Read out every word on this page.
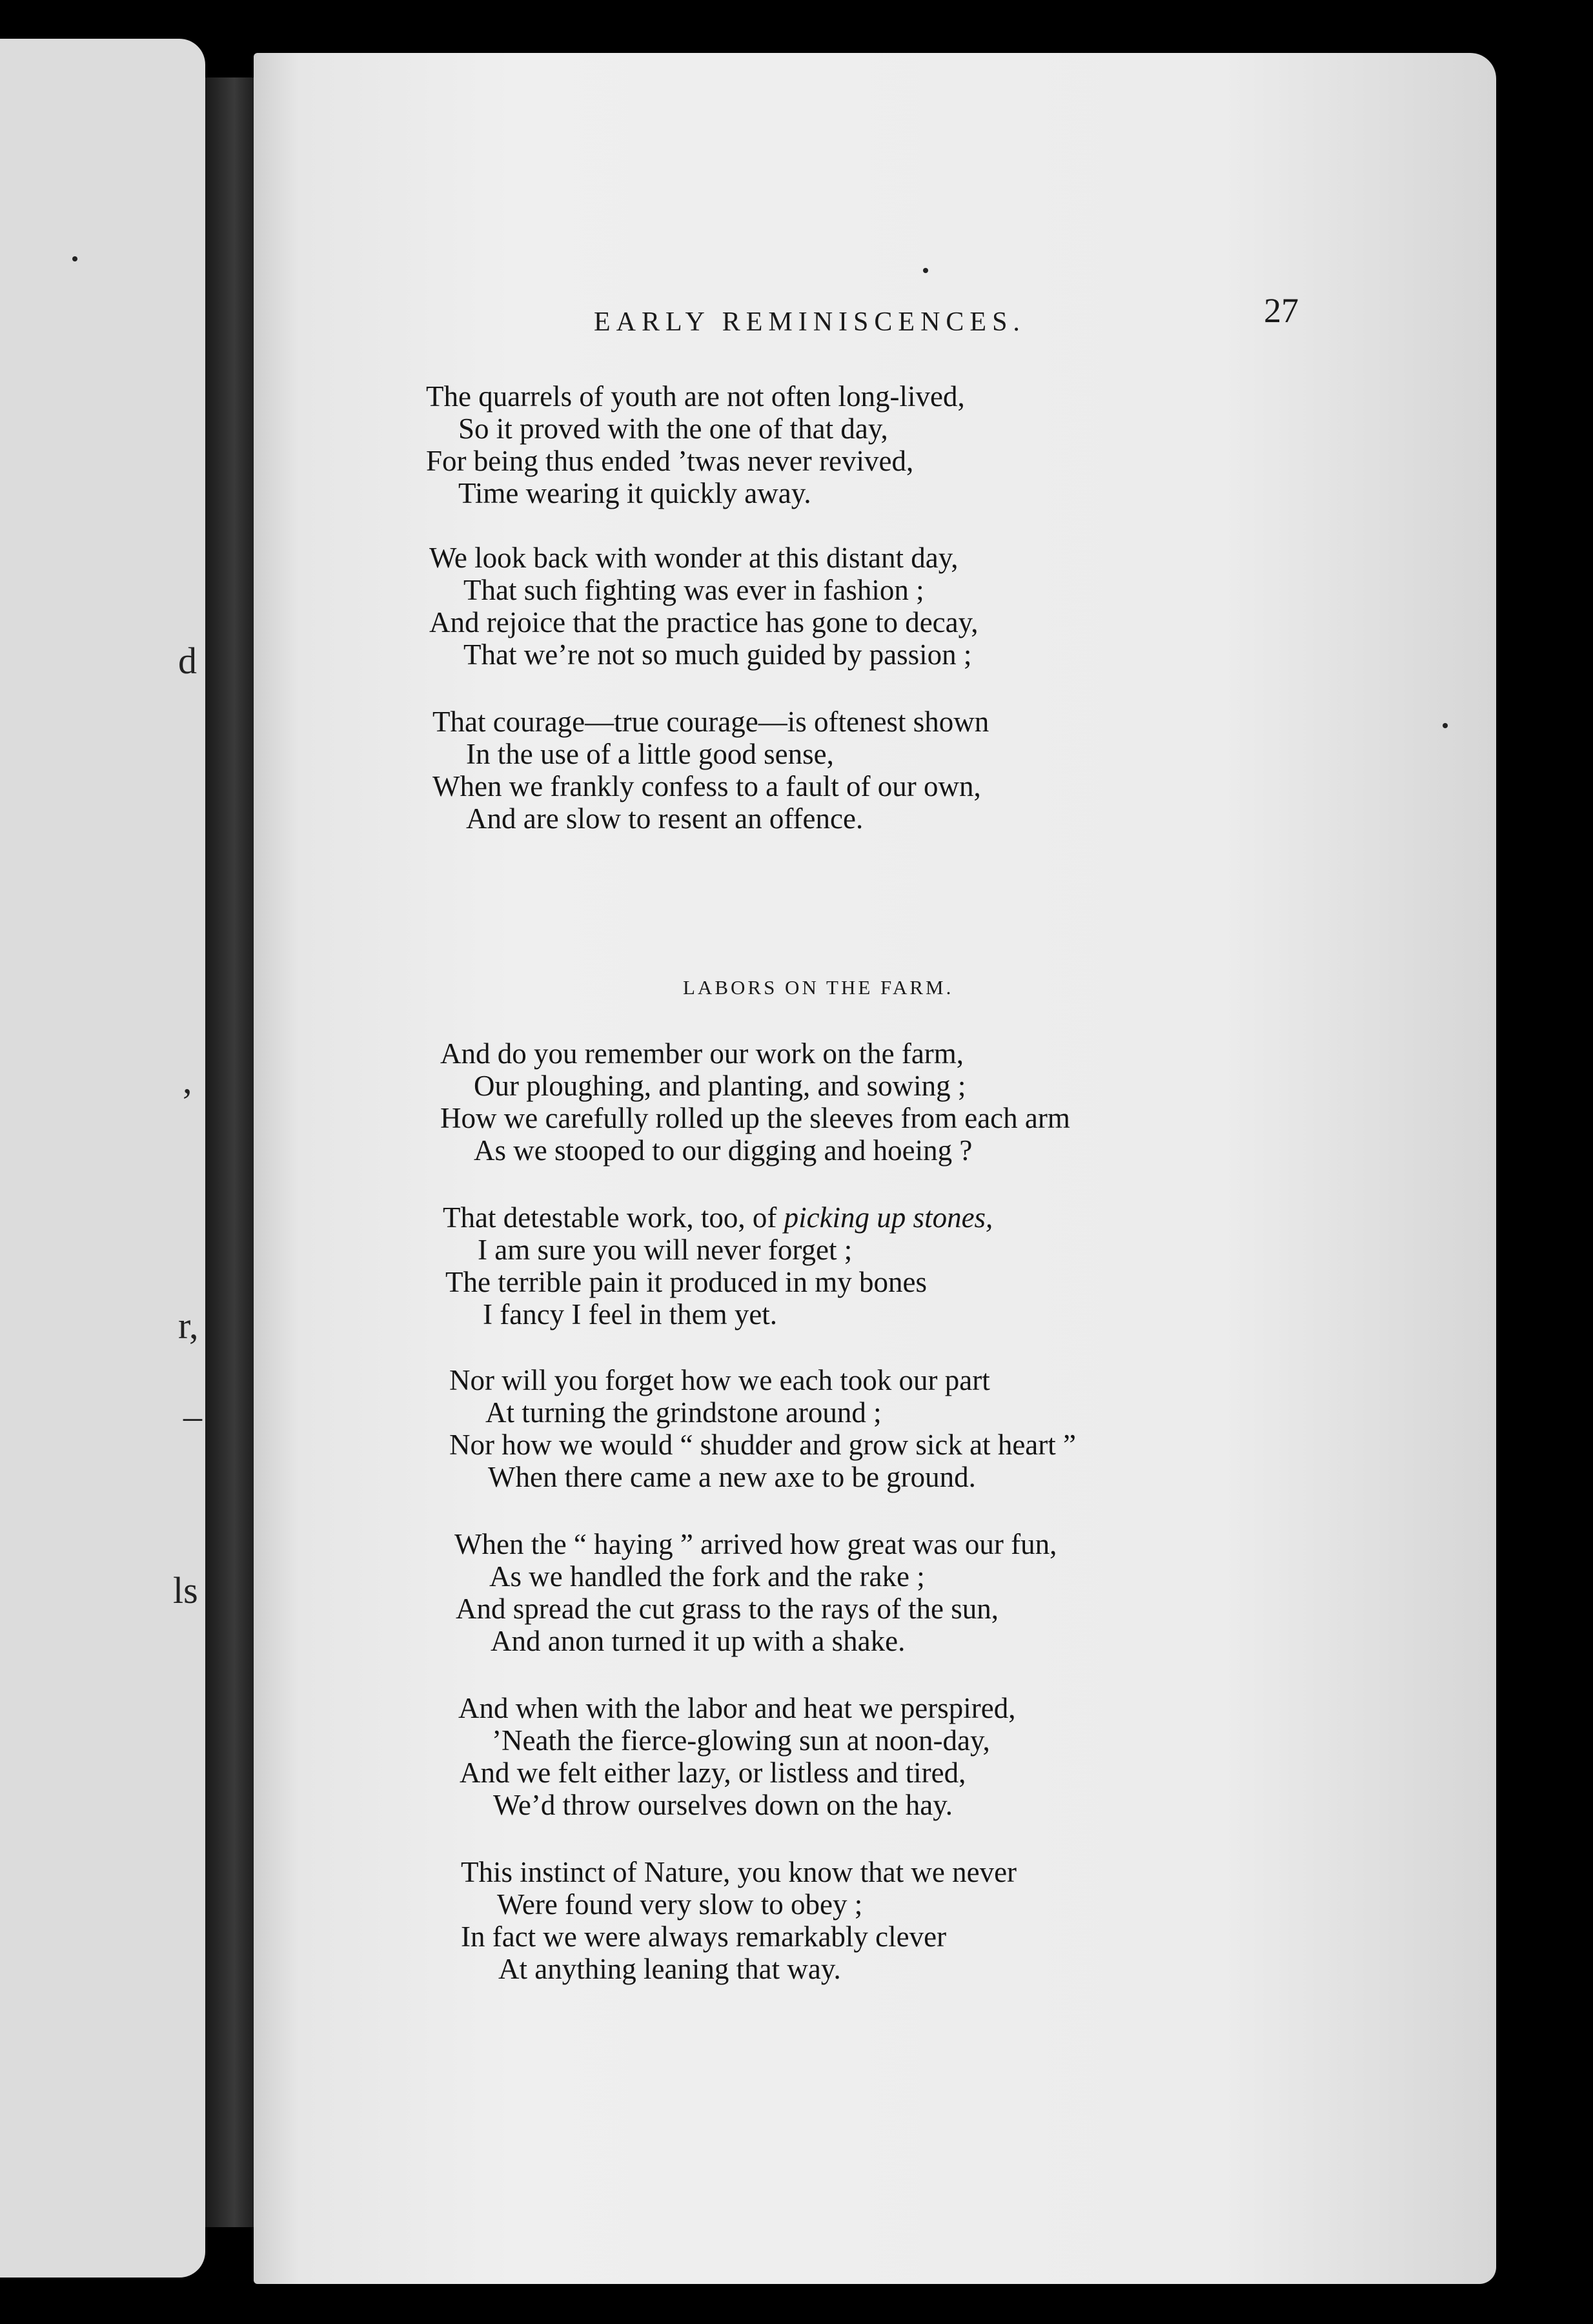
d
,
r,
–
ls
EARLY REMINISCENCES.	27
The quarrels of youth are not often long-lived,
So it proved with the one of that day,
For being thus ended ’twas never revived,
Time wearing it quickly away.
We look back with wonder at this distant day,
That such fighting was ever in fashion ;
And rejoice that the practice has gone to decay,
That we’re not so much guided by passion ;
That courage—true courage—is oftenest shown
In the use of a little good sense,
When we frankly confess to a fault of our own,
And are slow to resent an offence.
LABORS ON THE FARM.
And do you remember our work on the farm,
Our ploughing, and planting, and sowing ;
How we carefully rolled up the sleeves from each arm
As we stooped to our digging and hoeing ?
That detestable work, too, of picking up stones,
I am sure you will never forget ;
The terrible pain it produced in my bones
I fancy I feel in them yet.
Nor will you forget how we each took our part
At turning the grindstone around ;
Nor how we would “ shudder and grow sick at heart ”
When there came a new axe to be ground.
When the “ haying ” arrived how great was our fun,
As we handled the fork and the rake ;
And spread the cut grass to the rays of the sun,
And anon turned it up with a shake.
And when with the labor and heat we perspired,
’Neath the fierce-glowing sun at noon-day,
And we felt either lazy, or listless and tired,
We’d throw ourselves down on the hay.
This instinct of Nature, you know that we never
Were found very slow to obey ;
In fact we were always remarkably clever
At anything leaning that way.
